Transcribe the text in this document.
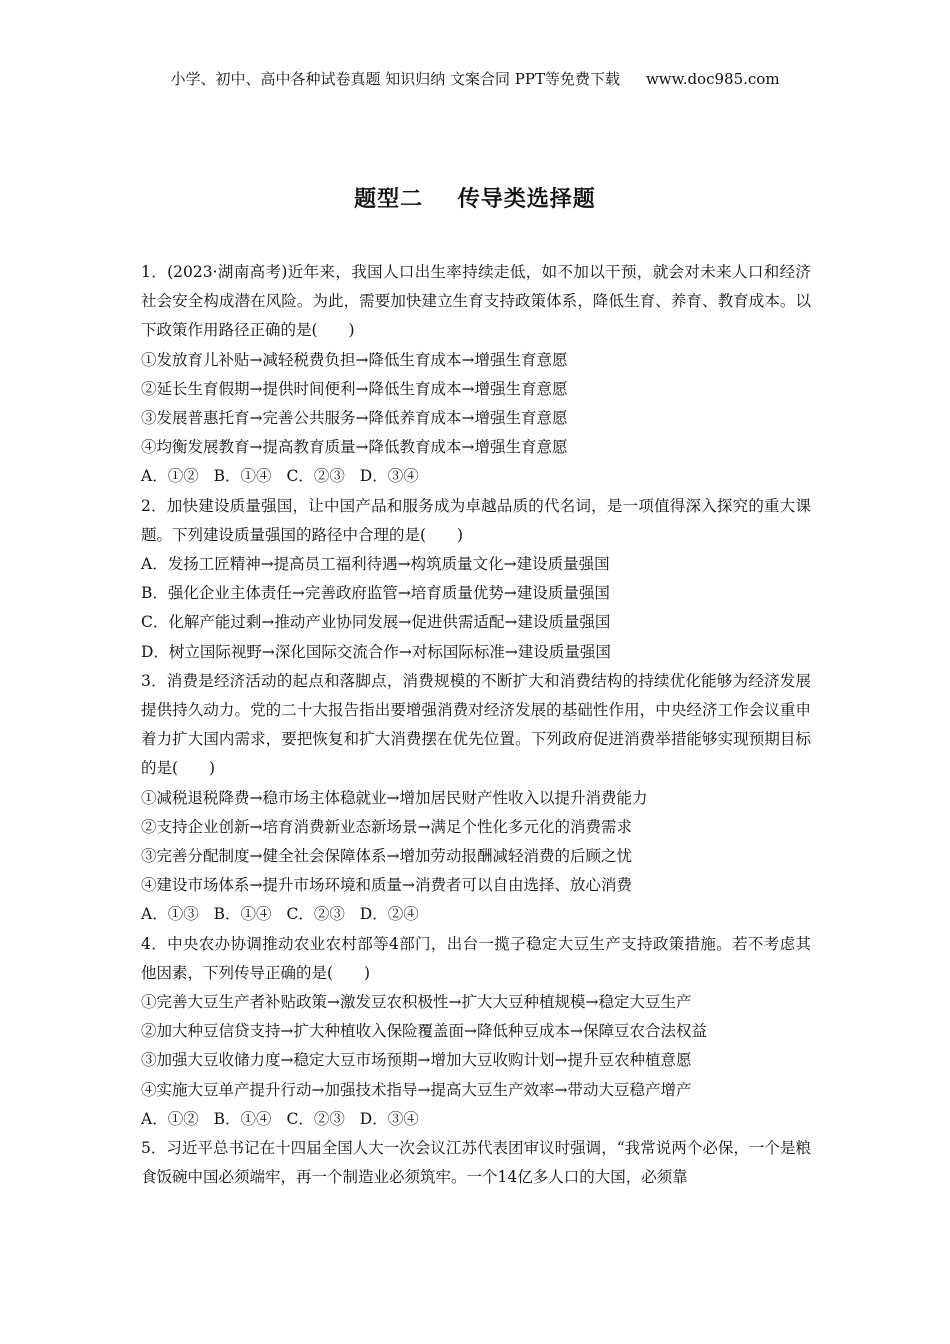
小学、初中、高中各种试卷真题 知识归纳 文案合同 PPT等免费下载 www.doc985.com
题型二    传导类选择题
1．(2023·湖南高考)近年来，我国人口出生率持续走低，如不加以干预，就会对未来人口和经济社会安全构成潜在风险。为此，需要加快建立生育支持政策体系，降低生育、养育、教育成本。以下政策作用路径正确的是(　　)
①发放育儿补贴→减轻税费负担→降低生育成本→增强生育意愿
②延长生育假期→提供时间便利→降低生育成本→增强生育意愿
③发展普惠托育→完善公共服务→降低养育成本→增强生育意愿
④均衡发展教育→提高教育质量→降低教育成本→增强生育意愿
A．①② B．①④ C．②③ D．③④
2．加快建设质量强国，让中国产品和服务成为卓越品质的代名词，是一项值得深入探究的重大课题。下列建设质量强国的路径中合理的是(　　)
A．发扬工匠精神→提高员工福利待遇→构筑质量文化→建设质量强国
B．强化企业主体责任→完善政府监管→培育质量优势→建设质量强国
C．化解产能过剩→推动产业协同发展→促进供需适配→建设质量强国
D．树立国际视野→深化国际交流合作→对标国际标准→建设质量强国
3．消费是经济活动的起点和落脚点，消费规模的不断扩大和消费结构的持续优化能够为经济发展提供持久动力。党的二十大报告指出要增强消费对经济发展的基础性作用，中央经济工作会议重申着力扩大国内需求，要把恢复和扩大消费摆在优先位置。下列政府促进消费举措能够实现预期目标的是(　　)
①减税退税降费→稳市场主体稳就业→增加居民财产性收入以提升消费能力
②支持企业创新→培育消费新业态新场景→满足个性化多元化的消费需求
③完善分配制度→健全社会保障体系→增加劳动报酬减轻消费的后顾之忧
④建设市场体系→提升市场环境和质量→消费者可以自由选择、放心消费
A．①③ B．①④ C．②③ D．②④
4．中央农办协调推动农业农村部等4部门，出台一揽子稳定大豆生产支持政策措施。若不考虑其他因素，下列传导正确的是(　　)
①完善大豆生产者补贴政策→激发豆农积极性→扩大大豆种植规模→稳定大豆生产
②加大种豆信贷支持→扩大种植收入保险覆盖面→降低种豆成本→保障豆农合法权益
③加强大豆收储力度→稳定大豆市场预期→增加大豆收购计划→提升豆农种植意愿
④实施大豆单产提升行动→加强技术指导→提高大豆生产效率→带动大豆稳产增产
A．①② B．①④ C．②③ D．③④
5．习近平总书记在十四届全国人大一次会议江苏代表团审议时强调，“我常说两个必保，一个是粮食饭碗中国必须端牢，再一个制造业必须筑牢。一个14亿多人口的大国，必须靠
